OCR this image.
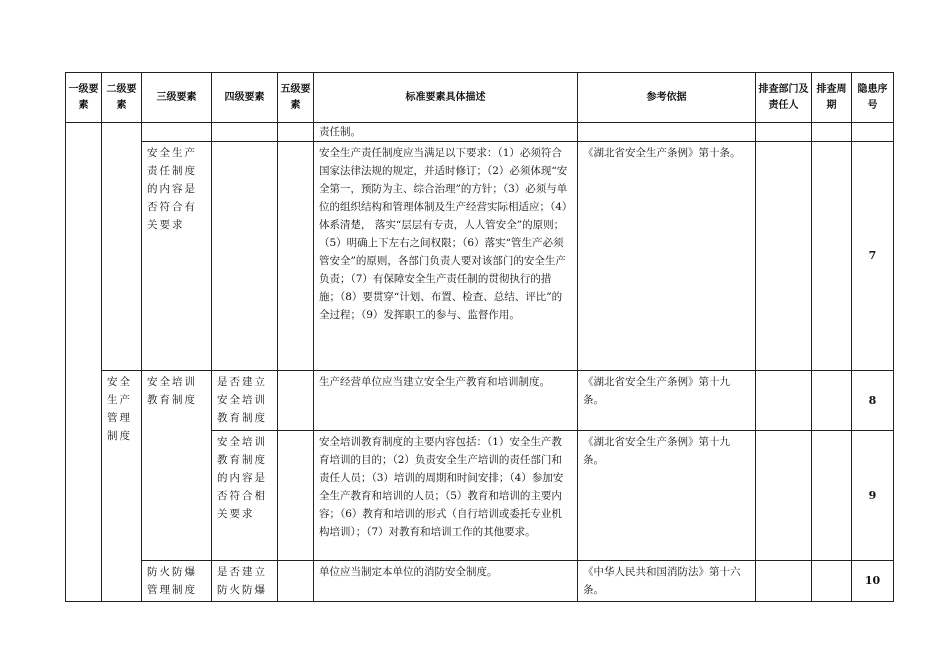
一级要素	二级要素	三级要素	四级要素	五级要素	标准要素具体描述	参考依据	排查部门及责任人	排查周期	隐患序号
					责任制。				
		安全生产责任制度的内容是否符合有关要求			安全生产责任制度应当满足以下要求：（1）必须符合国家法律法规的规定，并适时修订；（2）必须体现“安全第一，预防为主、综合治理”的方针；（3）必须与单位的组织结构和管理体制及生产经营实际相适应；（4）体系清楚， 落实“层层有专责，人人管安全”的原则；（5）明确上下左右之间权限；（6）落实“管生产必须管安全”的原则，各部门负责人要对该部门的安全生产负责；（7）有保障安全生产责任制的贯彻执行的措施；（8）要贯穿“计划、布置、检查、总结、评比”的全过程；（9）发挥职工的参与、监督作用。	《湖北省安全生产条例》第十条。			7
	安全生产管理制度	安全培训教育制度	是否建立安全培训教育制度		生产经营单位应当建立安全生产教育和培训制度。	《湖北省安全生产条例》第十九条。			8
			安全培训教育制度的内容是否符合相关要求		安全培训教育制度的主要内容包括：（1）安全生产教育培训的目的；（2）负责安全生产培训的责任部门和责任人员；（3）培训的周期和时间安排；（4）参加安全生产教育和培训的人员；（5）教育和培训的主要内容；（6）教育和培训的形式（自行培训或委托专业机构培训）；（7）对教育和培训工作的其他要求。	《湖北省安全生产条例》第十九条。			9
		防火防爆管理制度	是否建立防火防爆		单位应当制定本单位的消防安全制度。	《中华人民共和国消防法》第十六条。			10
